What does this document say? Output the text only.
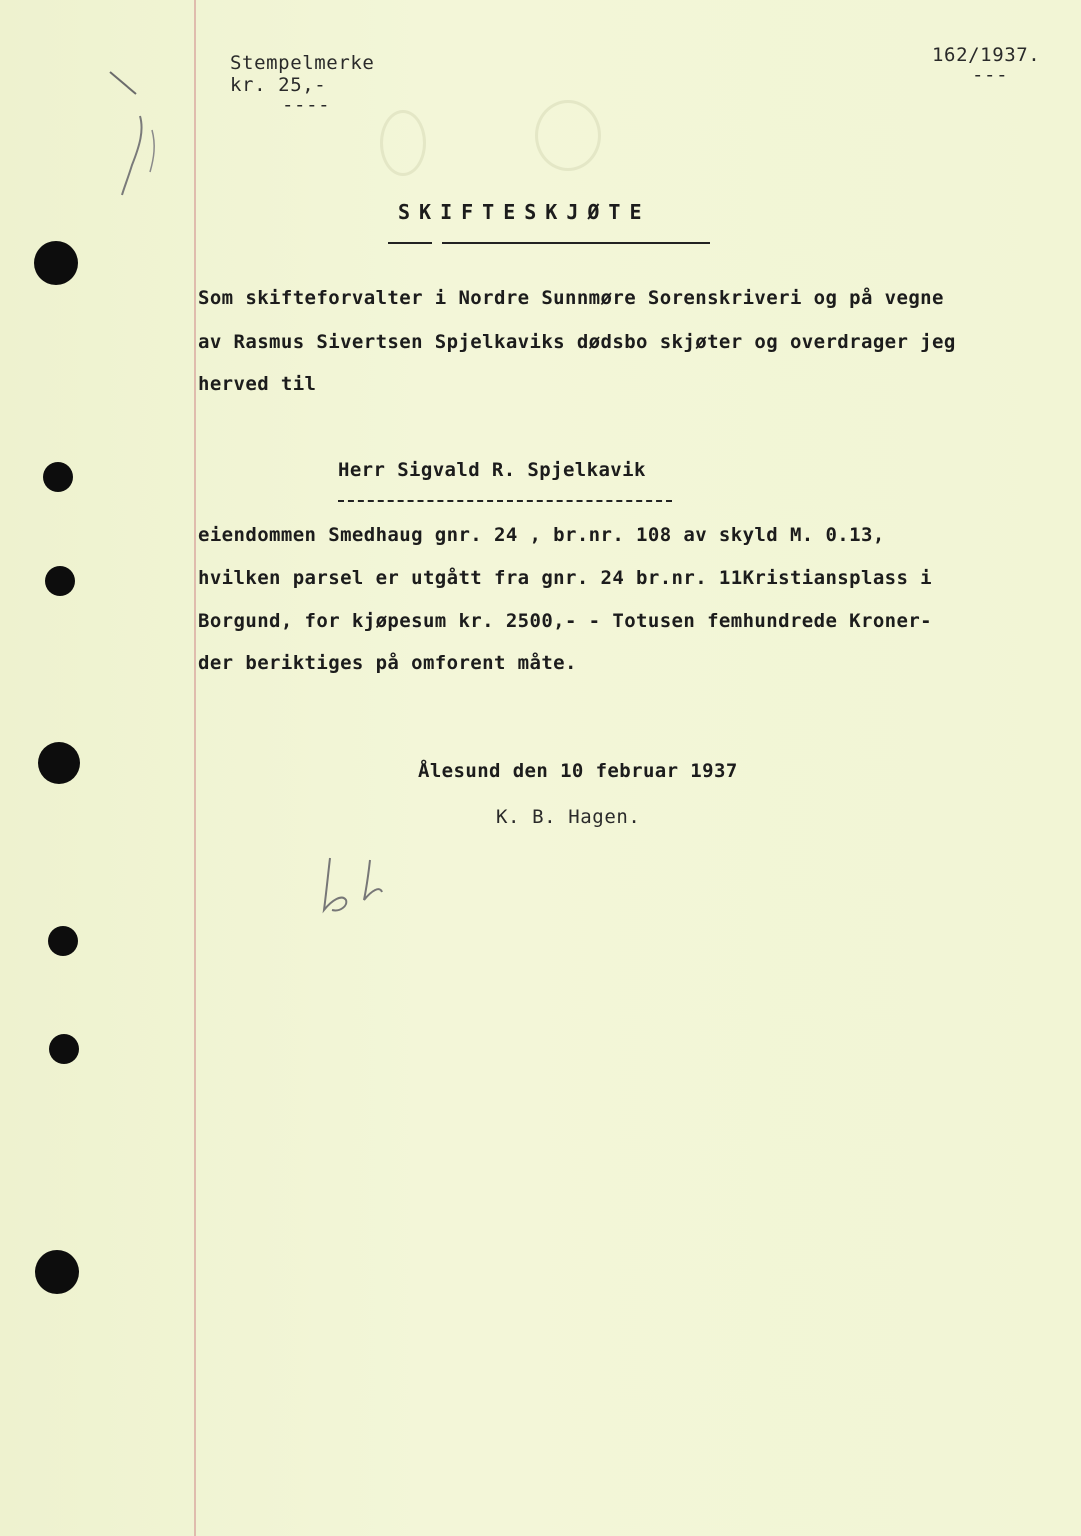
Stempelmerke
kr. 25,-
----
162/1937.
---
SKIFTESKJØTE
Som skifteforvalter i Nordre Sunnmøre Sorenskriveri og på vegne
av Rasmus Sivertsen Spjelkaviks dødsbo skjøter og overdrager jeg
herved til
Herr Sigvald R. Spjelkavik
eiendommen Smedhaug gnr. 24 , br.nr. 108 av skyld M. 0.13,
hvilken parsel er utgått fra gnr. 24 br.nr. 11Kristiansplass i
Borgund, for kjøpesum kr. 2500,- - Totusen femhundrede Kroner-
der beriktiges på omforent måte.
Ålesund den 10 februar 1937
K. B. Hagen.
